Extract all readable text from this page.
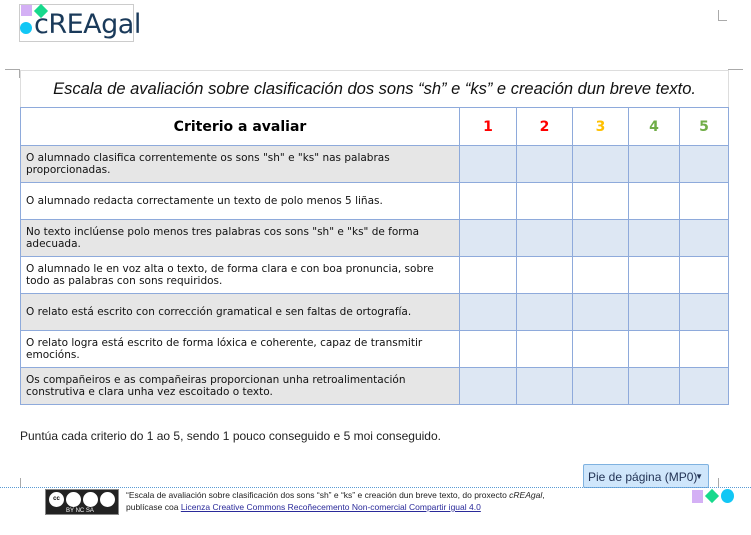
cREAgal
Escala de avaliación sobre clasificación dos sons “sh” e “ks” e creación dun breve texto.					
Criterio a avaliar	1	2	3	4	5
O alumnado clasifica correntemente os sons "sh" e "ks" nas palabras proporcionadas.					
O alumnado redacta correctamente un texto de polo menos 5 liñas.					
No texto inclúense polo menos tres palabras cos sons "sh" e "ks" de forma adecuada.					
O alumnado le en voz alta o texto, de forma clara e con boa pronuncia, sobre todo as palabras con sons requiridos.					
O relato está escrito con corrección gramatical e sen faltas de ortografía.					
O relato logra está escrito de forma lóxica e coherente, capaz de transmitir emocións.					
Os compañeiros e as compañeiras proporcionan unha retroalimentación construtiva e clara unha vez escoitado o texto.					
Puntúa cada criterio do 1 ao 5, sendo 1 pouco conseguido e 5 moi conseguido.
Pie de página (MP0)
▼
cc
BY NC SA
“Escala de avaliación sobre clasificación dos sons “sh” e “ks” e creación dun breve texto, do proxecto cREAgal,
publícase coa Licenza Creative Commons Recoñecemento Non-comercial Compartir igual 4.0
